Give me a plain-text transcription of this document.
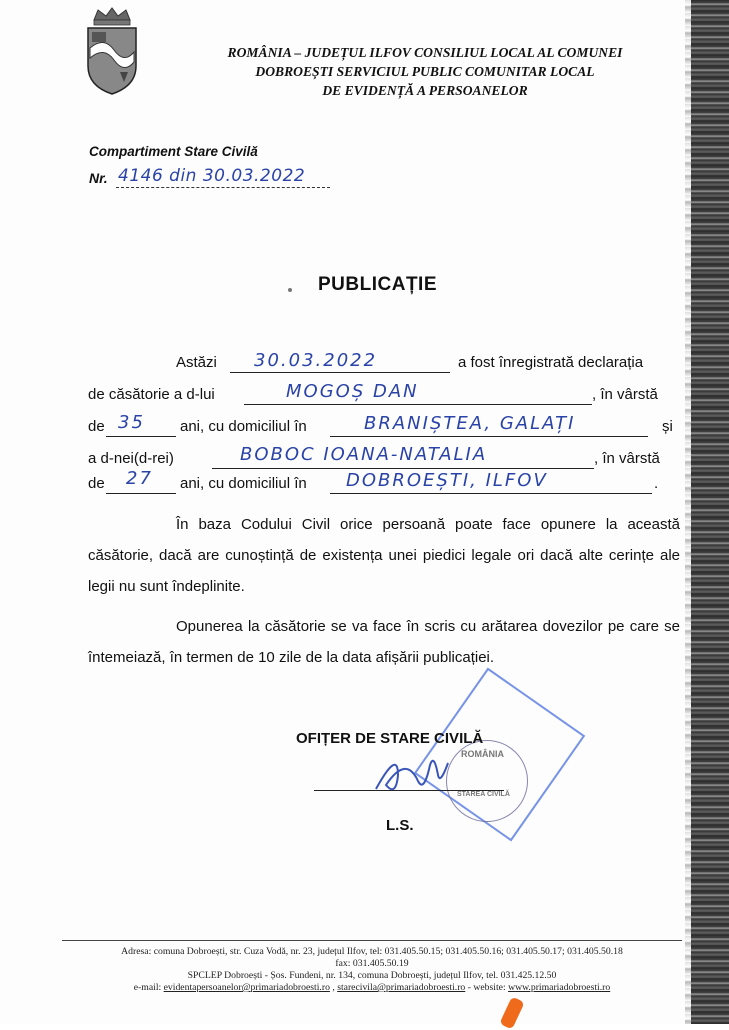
ROMÂNIA – JUDEȚUL ILFOV CONSILIUL LOCAL AL COMUNEI
DOBROEȘTI SERVICIUL PUBLIC COMUNITAR LOCAL
DE EVIDENȚĂ A PERSOANELOR
Compartiment Stare Civilă
Nr. 4146 din 30.03.2022
PUBLICAȚIE
Astăzi 30.03.2022	a fost înregistrată declarația
de căsătorie a d-lui	MOGOȘ DAN	, în vârstă
de 35 ani, cu domiciliul în	BRANIȘTEA, GALAȚI	și
a d-nei(d-rei)	BOBOC IOANA-NATALIA	, în vârstă
de 27 ani, cu domiciliul în DOBROEȘTI, ILFOV	.
În baza Codului Civil orice persoană poate face opunere la această căsătorie, dacă are cunoștință de existența unei piedici legale ori dacă alte cerințe ale legii nu sunt îndeplinite.
Opunerea la căsătorie se va face în scris cu arătarea dovezilor pe care se întemeiază, în termen de 10 zile de la data afișării publicației.
ROMÂNIA
STAREA CIVILĂ
OFIȚER DE STARE CIVILĂ
L.S.
Adresa: comuna Dobroești, str. Cuza Vodă, nr. 23, județul Ilfov, tel: 031.405.50.15; 031.405.50.16; 031.405.50.17; 031.405.50.18
fax: 031.405.50.19
SPCLEP Dobroești - Șos. Fundeni, nr. 134, comuna Dobroești, județul Ilfov, tel. 031.425.12.50
e-mail: evidentapersoanelor@primariadobroesti.ro , starecivila@primariadobroesti.ro - website: www.primariadobroesti.ro
